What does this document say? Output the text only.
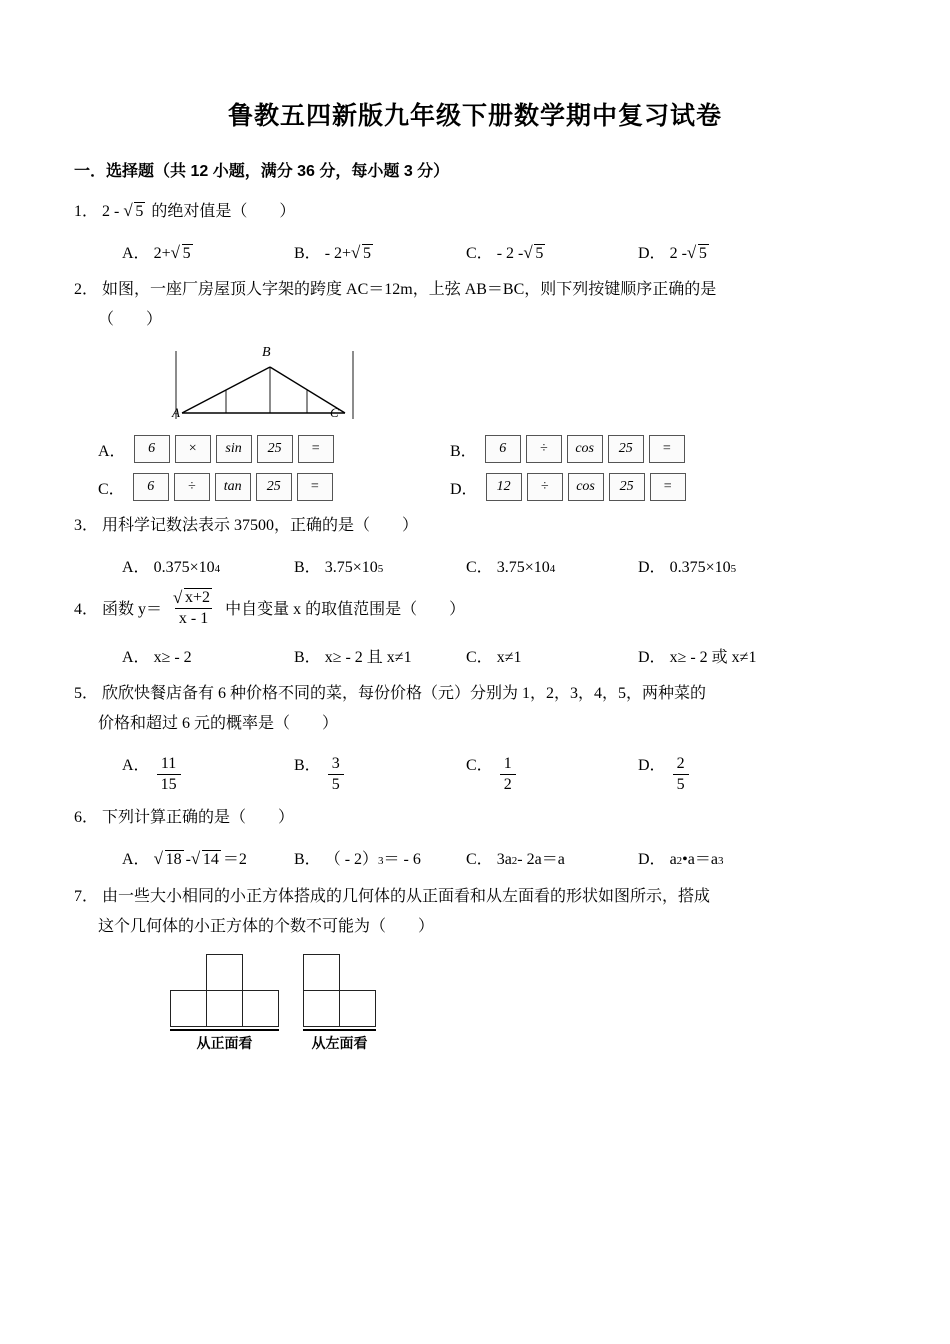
鲁教五四新版九年级下册数学期中复习试卷
一．选择题（共 12 小题，满分 36 分，每小题 3 分）
1． 2 - √ 5 的绝对值是（　　）
A． 2+ √ 5	B． - 2+ √ 5	C． - 2 - √ 5	D． 2 - √ 5
2． 如图，一座厂房屋顶人字架的跨度 AC＝12m，上弦 AB＝BC，则下列按键顺序正确的是
（　　）
B
A	C
A．	6	×	sin	25	=	B．	6	÷	cos	25	=
C．	6	÷	tan	25	=	D．	12	÷	cos	25	=
3． 用科学记数法表示 37500，正确的是（　　）
A． 0.375×10 4	B． 3.75×10 5	C． 3.75×10 4	D． 0.375×10 5
4． 函数 y＝ √ $\frac{x+2}{x - 1}$ 中自变量 x 的取值范围是（　　）
A． x≥ - 2	B． x≥ - 2 且 x≠1	C． x≠1	D． x≥ - 2 或 x≠1
5． 欣欣快餐店备有 6 种价格不同的菜，每份价格（元）分别为 1，2，3，4，5，两种菜的
价格和超过 6 元的概率是（　　）
A． $\frac{11}{15}$	B． $\frac{3}{5}$	C． $\frac{1}{2}$	D． $\frac{2}{5}$
6． 下列计算正确的是（　　）
A．	√ 18 - √ 14 ＝2	B． （ - 2） 3 ＝ - 6	C． 3a 2 - 2a＝a	D． a 2 •a＝a 3
7． 由一些大小相同的小正方体搭成的几何体的从正面看和从左面看的形状如图所示，搭成
这个几何体的小正方体的个数不可能为（　　）

从正面看

		从左面看
